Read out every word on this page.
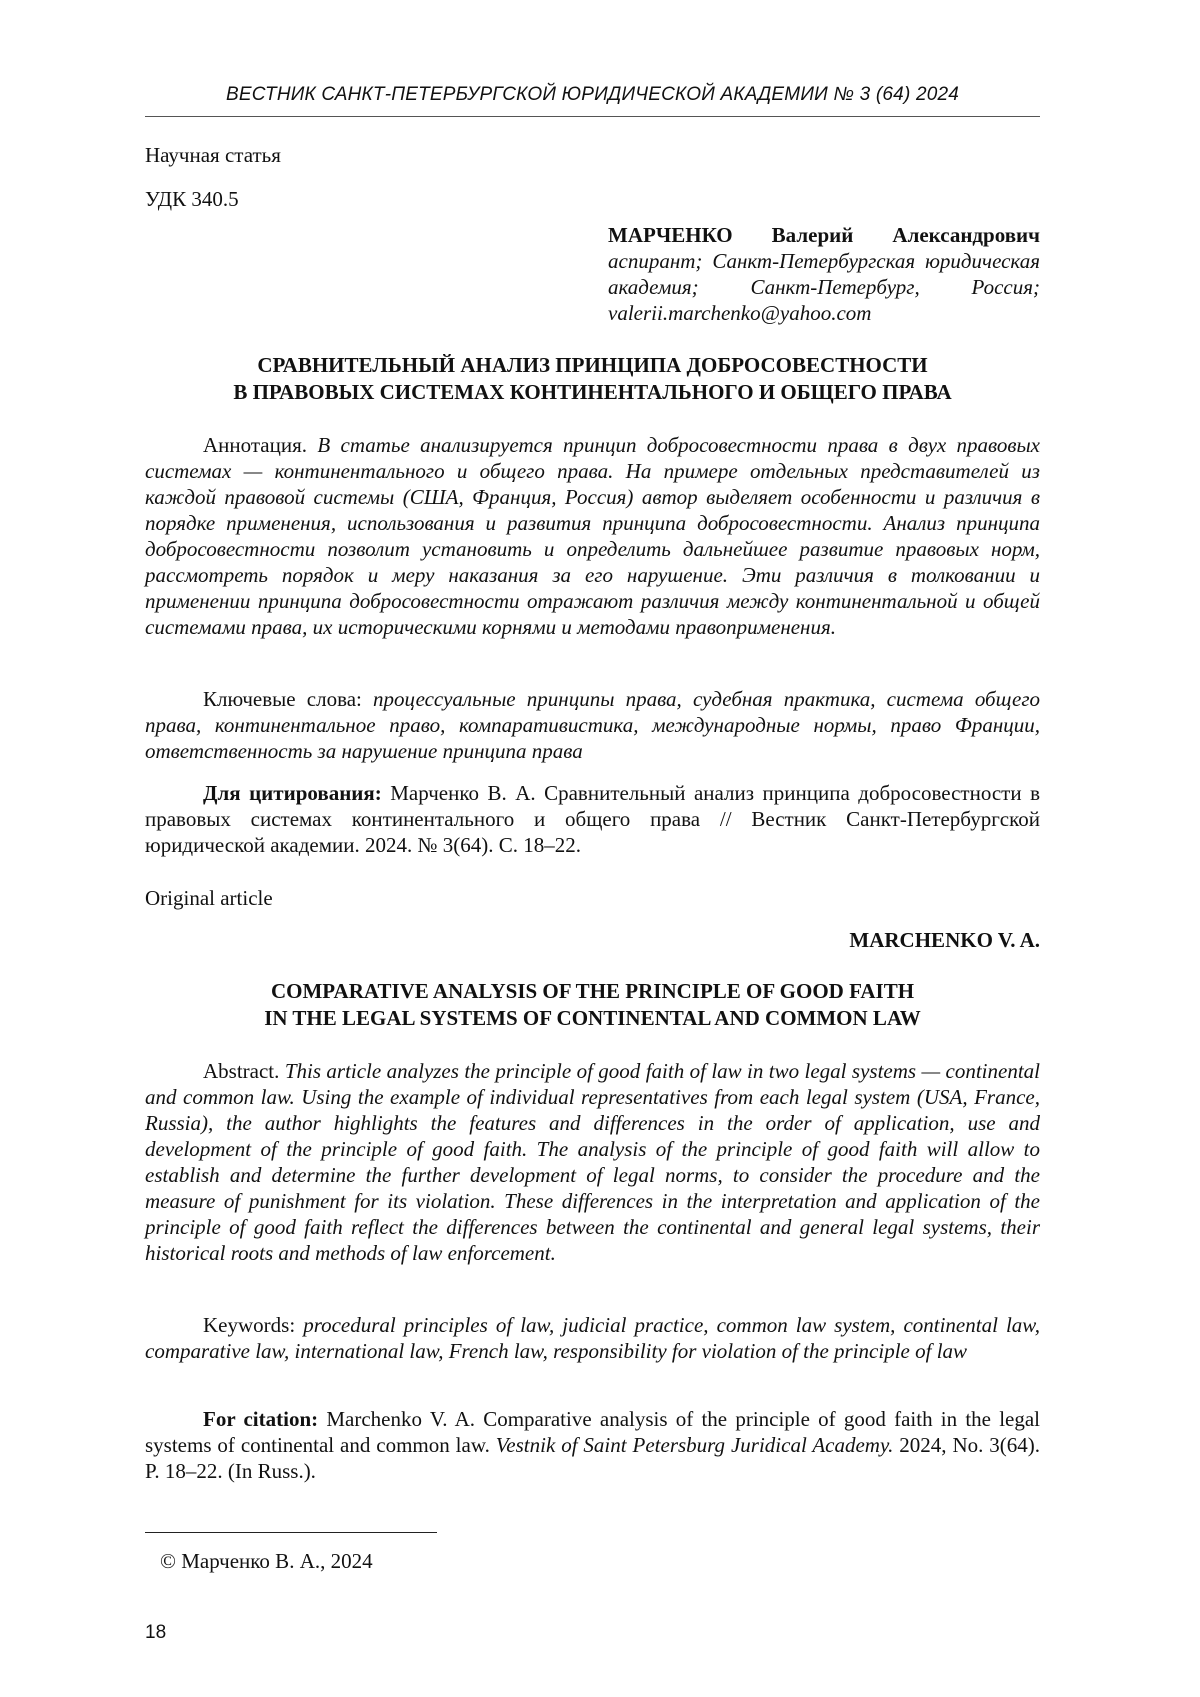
ВЕСТНИК САНКТ-ПЕТЕРБУРГСКОЙ ЮРИДИЧЕСКОЙ АКАДЕМИИ № 3 (64) 2024
Научная статья
УДК 340.5
МАРЧЕНКО Валерий Александрович
аспирант; Санкт-Петербургская юридическая академия; Санкт-Петербург, Россия; valerii.marchenko@yahoo.com
СРАВНИТЕЛЬНЫЙ АНАЛИЗ ПРИНЦИПА ДОБРОСОВЕСТНОСТИ
В ПРАВОВЫХ СИСТЕМАХ КОНТИНЕНТАЛЬНОГО И ОБЩЕГО ПРАВА

Аннотация. В статье анализируется принцип добросовестности права в двух правовых системах — континентального и общего права. На примере отдельных представителей из каждой правовой системы (США, Франция, Россия) автор выделяет особенности и различия в порядке применения, использования и развития принципа добросовестности. Анализ принципа добросовестности позволит установить и определить дальнейшее развитие правовых норм, рассмотреть порядок и меру наказания за его нарушение. Эти различия в толковании и применении принципа добросовестности отражают различия между континентальной и общей системами права, их историческими корнями и методами правоприменения.

Ключевые слова: процессуальные принципы права, судебная практика, система общего права, континентальное право, компаративистика, международные нормы, право Франции, ответственность за нарушение принципа права

Для цитирования: Марченко В. А. Сравнительный анализ принципа добросовестности в правовых системах континентального и общего права // Вестник Санкт-Петербургской юридической академии. 2024. № 3(64). С. 18–22.

Original article
MARCHENKO V. A.
COMPARATIVE ANALYSIS OF THE PRINCIPLE OF GOOD FAITH
IN THE LEGAL SYSTEMS OF CONTINENTAL AND COMMON LAW

Abstract. This article analyzes the principle of good faith of law in two legal systems — continental and common law. Using the example of individual representatives from each legal system (USA, France, Russia), the author highlights the features and differences in the order of application, use and development of the principle of good faith. The analysis of the principle of good faith will allow to establish and determine the further development of legal norms, to consider the procedure and the measure of punishment for its violation. These differences in the interpretation and application of the principle of good faith reflect the differences between the continental and general legal systems, their historical roots and methods of law enforcement.

Keywords: procedural principles of law, judicial practice, common law system, continental law, comparative law, international law, French law, responsibility for violation of the principle of law

For citation: Marchenko V. A. Comparative analysis of the principle of good faith in the legal systems of continental and common law. Vestnik of Saint Petersburg Juridical Academy. 2024, No. 3(64). P. 18–22. (In Russ.).

© Марченко В. А., 2024
18
